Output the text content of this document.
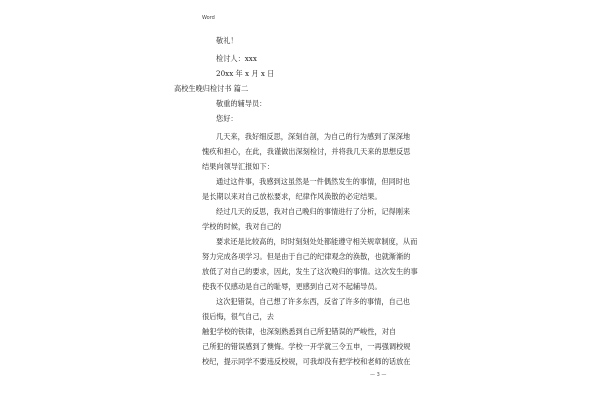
Word
敬礼！
检讨人：xxx
20xx 年 x 月 x 日
高校生晚归检讨书 篇二
敬重的辅导员：
您好：
几天来，我好细反思，深刻自剖，为自己的行为感到了深深地
愧疚和担心，在此，我谨做出深刻检讨，并将我几天来的思想反思
结果向领导汇报如下：
通过这件事，我感到这虽然是一件偶然发生的事情，但同时也
是长期以来对自己放松要求，纪律作风涣散的必定结果。
经过几天的反思，我对自己晚归的事情进行了分析，记得刚来
学校的时候，我对自己的
要求还是比较高的，时时刻刻处处都能遵守相关规章制度，从而
努力完成各项学习。但是由于自己的纪律观念的涣散，也就渐渐的
放低了对自己的要求，因此，发生了这次晚归的事情。这次发生的事
使我不仅感动是自己的耻辱，更感到自己对不起辅导员。
这次犯错误，自己想了许多东西，反省了许多的事情，自己也
很后悔，很气自己，去
触犯学校的铁律，也深刻熟悉到自己所犯错误的严峻性，对自
己所犯的错误感到了懊悔。学校一开学就三令五申，一再强调校规
校纪，提示同学不要违反校规，可我却没有把学校和老师的话放在
— 3 —
